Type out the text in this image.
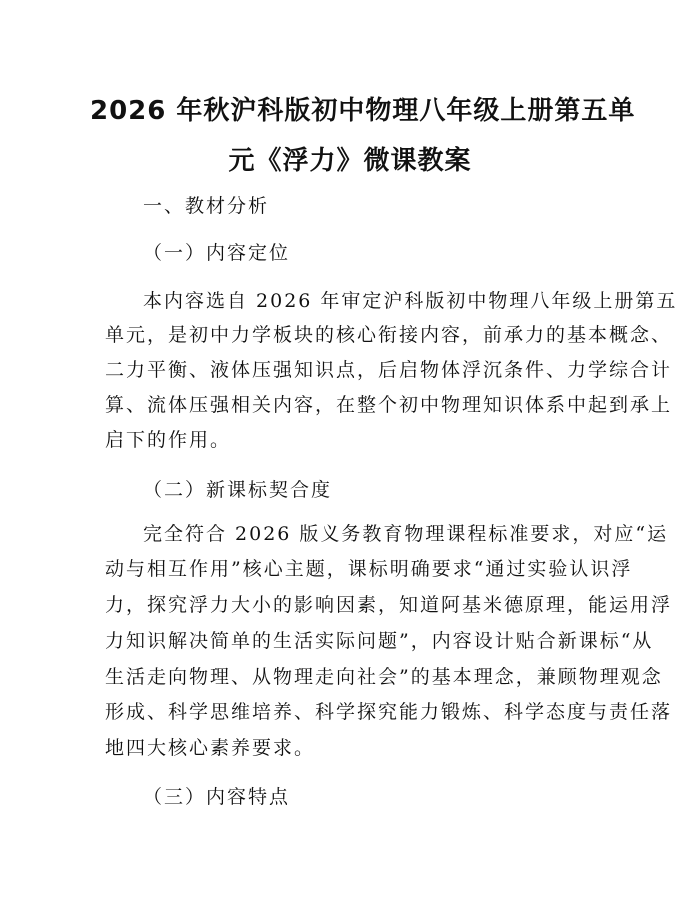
2026 年秋沪科版初中物理八年级上册第五单
元《浮力》微课教案
一、教材分析
（一）内容定位
本内容选自 2026 年审定沪科版初中物理八年级上册第五
单元，是初中力学板块的核心衔接内容，前承力的基本概念、
二力平衡、液体压强知识点，后启物体浮沉条件、力学综合计
算、流体压强相关内容，在整个初中物理知识体系中起到承上
启下的作用。
（二）新课标契合度
完全符合 2026 版义务教育物理课程标准要求，对应“运
动与相互作用”核心主题，课标明确要求“通过实验认识浮
力，探究浮力大小的影响因素，知道阿基米德原理，能运用浮
力知识解决简单的生活实际问题”，内容设计贴合新课标“从
生活走向物理、从物理走向社会”的基本理念，兼顾物理观念
形成、科学思维培养、科学探究能力锻炼、科学态度与责任落
地四大核心素养要求。
（三）内容特点
